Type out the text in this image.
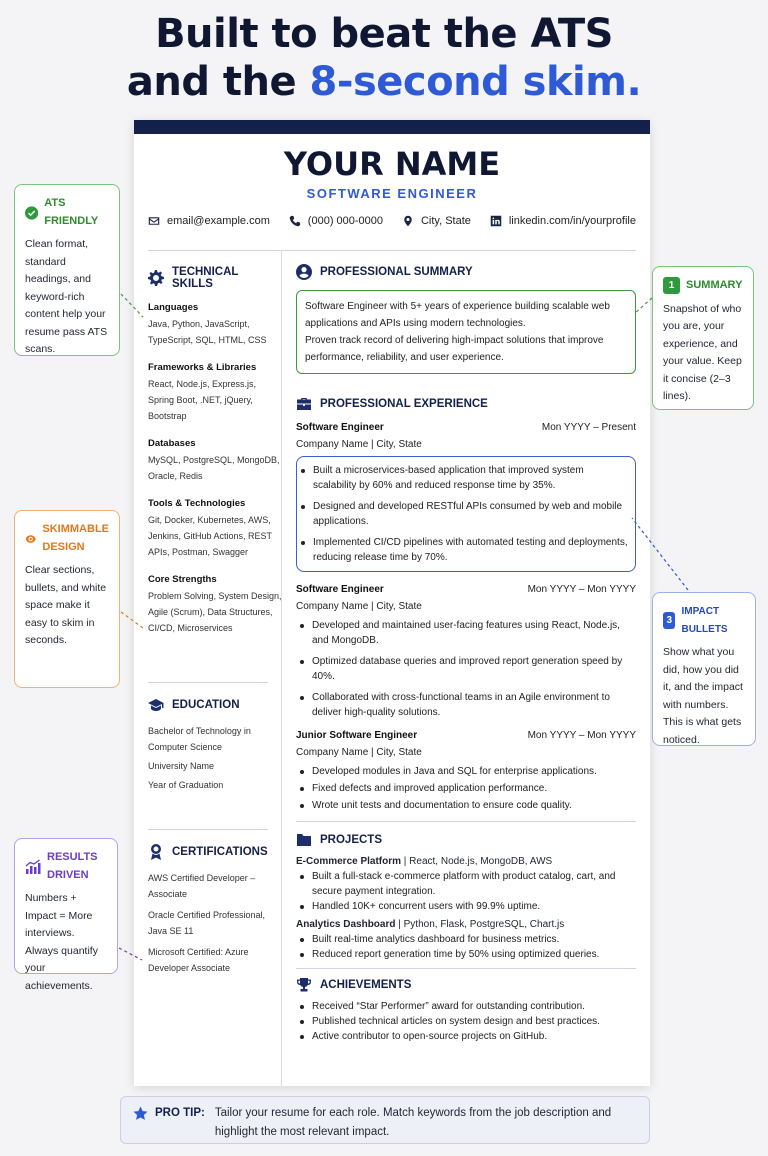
Built to beat the ATS
and the 8-second skim.
YOUR NAME
SOFTWARE ENGINEER
email@example.com	(000) 000-0000	City, State	linkedin.com/in/yourprofile
TECHNICAL SKILLS
Languages
Java, Python, JavaScript, TypeScript, SQL, HTML, CSS
Frameworks & Libraries
React, Node.js, Express.js, Spring Boot, .NET, jQuery, Bootstrap
Databases
MySQL, PostgreSQL, MongoDB, Oracle, Redis
Tools & Technologies
Git, Docker, Kubernetes, AWS, Jenkins, GitHub Actions, REST APIs, Postman, Swagger
Core Strengths
Problem Solving, System Design, Agile (Scrum), Data Structures, CI/CD, Microservices
EDUCATION
Bachelor of Technology in Computer Science
University Name
Year of Graduation
CERTIFICATIONS
AWS Certified Developer – Associate
Oracle Certified Professional, Java SE 11
Microsoft Certified: Azure Developer Associate
PROFESSIONAL SUMMARY
Software Engineer with 5+ years of experience building scalable web applications and APIs using modern technologies.
Proven track record of delivering high-impact solutions that improve performance, reliability, and user experience.
PROFESSIONAL EXPERIENCE
Software Engineer	Mon YYYY – Present
Company Name | City, State
Built a microservices-based application that improved system scalability by 60% and reduced response time by 35%.
Designed and developed RESTful APIs consumed by web and mobile applications.
Implemented CI/CD pipelines with automated testing and deployments, reducing release time by 70%.
Software Engineer	Mon YYYY – Mon YYYY
Company Name | City, State
Developed and maintained user-facing features using React, Node.js, and MongoDB.
Optimized database queries and improved report generation speed by 40%.
Collaborated with cross-functional teams in an Agile environment to deliver high-quality solutions.
Junior Software Engineer	Mon YYYY – Mon YYYY
Company Name | City, State
Developed modules in Java and SQL for enterprise applications.
Fixed defects and improved application performance.
Wrote unit tests and documentation to ensure code quality.
PROJECTS
E-Commerce Platform | React, Node.js, MongoDB, AWS
Built a full-stack e-commerce platform with product catalog, cart, and secure payment integration.
Handled 10K+ concurrent users with 99.9% uptime.
Analytics Dashboard | Python, Flask, PostgreSQL, Chart.js
Built real-time analytics dashboard for business metrics.
Reduced report generation time by 50% using optimized queries.
ACHIEVEMENTS
Received “Star Performer” award for outstanding contribution.
Published technical articles on system design and best practices.
Active contributor to open-source projects on GitHub.
ATS FRIENDLY
Clean format, standard headings, and keyword-rich content help your resume pass ATS scans.
SKIMMABLE
DESIGN
Clear sections, bullets, and white space make it easy to skim in seconds.
RESULTS
DRIVEN
Numbers + Impact = More interviews. Always quantify your achievements.
1	SUMMARY
Snapshot of who you are, your experience, and your value. Keep it concise (2–3 lines).
3
IMPACT BULLETS
Show what you did, how you did it, and the impact with numbers. This is what gets noticed.
PRO TIP: Tailor your resume for each role. Match keywords from the job description and highlight the most relevant impact.
